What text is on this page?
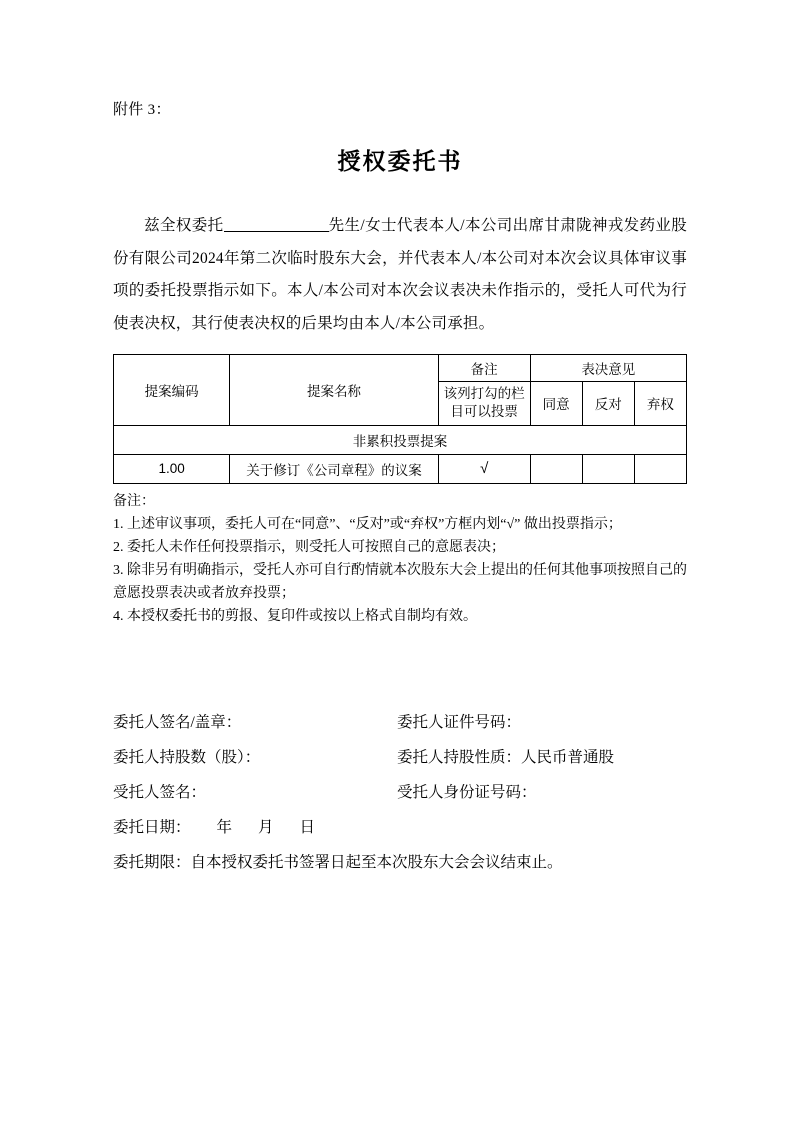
附件 3：
授权委托书
兹全权委托	先生/女士代表本人/本公司出席甘肃陇神戎发药业股份有限公司2024年第二次临时股东大会，并代表本人/本公司对本次会议具体审议事项的委托投票指示如下。本人/本公司对本次会议表决未作指示的，受托人可代为行使表决权，其行使表决权的后果均由本人/本公司承担。
提案编码	提案名称	备注	表决意见		
		该列打勾的栏目可以投票	同意	反对	弃权
非累积投票提案					
1.00	关于修订《公司章程》的议案	√			
备注：
1. 上述审议事项，委托人可在“同意”、“反对”或“弃权”方框内划“√” 做出投票指示；
2. 委托人未作任何投票指示，则受托人可按照自己的意愿表决；
3. 除非另有明确指示，受托人亦可自行酌情就本次股东大会上提出的任何其他事项按照自己的意愿投票表决或者放弃投票；
4. 本授权委托书的剪报、复印件或按以上格式自制均有效。
委托人签名/盖章：	委托人证件号码：
委托人持股数（股）：	委托人持股性质：人民币普通股
受托人签名：	受托人身份证号码：
委托日期： 年 月 日
委托期限：自本授权委托书签署日起至本次股东大会会议结束止。
